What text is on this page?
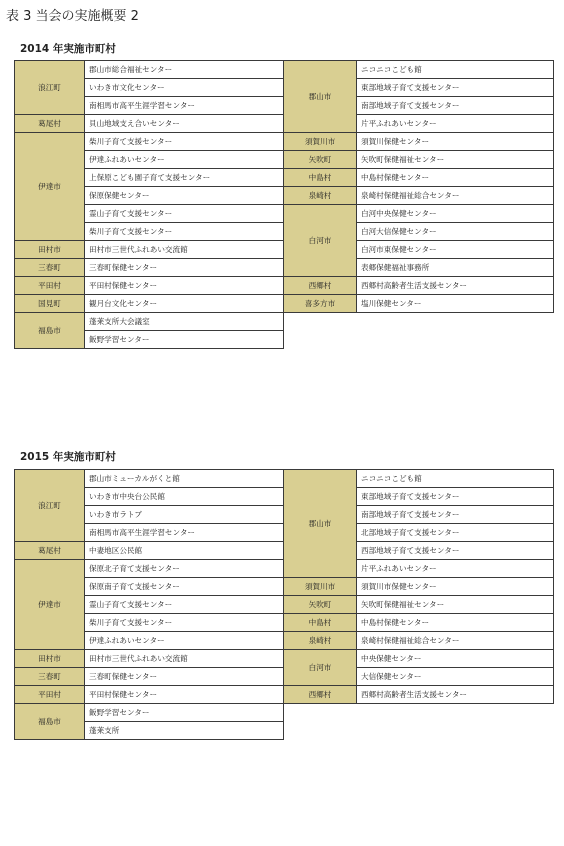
表 3 当会の実施概要 2
2014 年実施市町村
浪江町	郡山市総合福祉センター	郡山市	ニコニコこども館
	いわき市文化センター		東部地域子育て支援センター
	南相馬市高平生涯学習センター		南部地域子育て支援センター
葛尾村	貝山地域支え合いセンター		片平ふれあいセンター
伊達市	柴川子育て支援センター	須賀川市	須賀川保健センター
	伊達ふれあいセンター	矢吹町	矢吹町保健福祉センター
	上保原こども園子育て支援センター	中島村	中島村保健センター
	保原保健センター	泉崎村	泉崎村保健福祉総合センター
	霊山子育て支援センター	白河市	白河中央保健センター
	柴川子育て支援センター		白河大信保健センター
田村市	田村市三世代ふれあい交流館		白河市東保健センター
三春町	三春町保健センター		表郷保健福祉事務所
平田村	平田村保健センター	西郷村	西郷村高齢者生活支援センター
国見町	観月台文化センター	喜多方市	塩川保健センター
福島市	蓬莱支所大会議室		
	飯野学習センター		
2015 年実施市町村
浪江町	郡山市ミューカルがくと館	郡山市	ニコニコこども館
	いわき市中央台公民館		東部地域子育て支援センター
	いわき市ラトブ		南部地域子育て支援センター
	南相馬市高平生涯学習センター		北部地域子育て支援センター
葛尾村	中妻地区公民館		西部地域子育て支援センター
伊達市	保原北子育て支援センター		片平ふれあいセンター
	保原南子育て支援センター	須賀川市	須賀川市保健センター
	霊山子育て支援センター	矢吹町	矢吹町保健福祉センター
	柴川子育て支援センター	中島村	中島村保健センター
	伊達ふれあいセンター	泉崎村	泉崎村保健福祉総合センター
田村市	田村市三世代ふれあい交流館	白河市	中央保健センター
三春町	三春町保健センター		大信保健センター
平田村	平田村保健センター	西郷村	西郷村高齢者生活支援センター
福島市	飯野学習センター		
	蓬莱支所		
